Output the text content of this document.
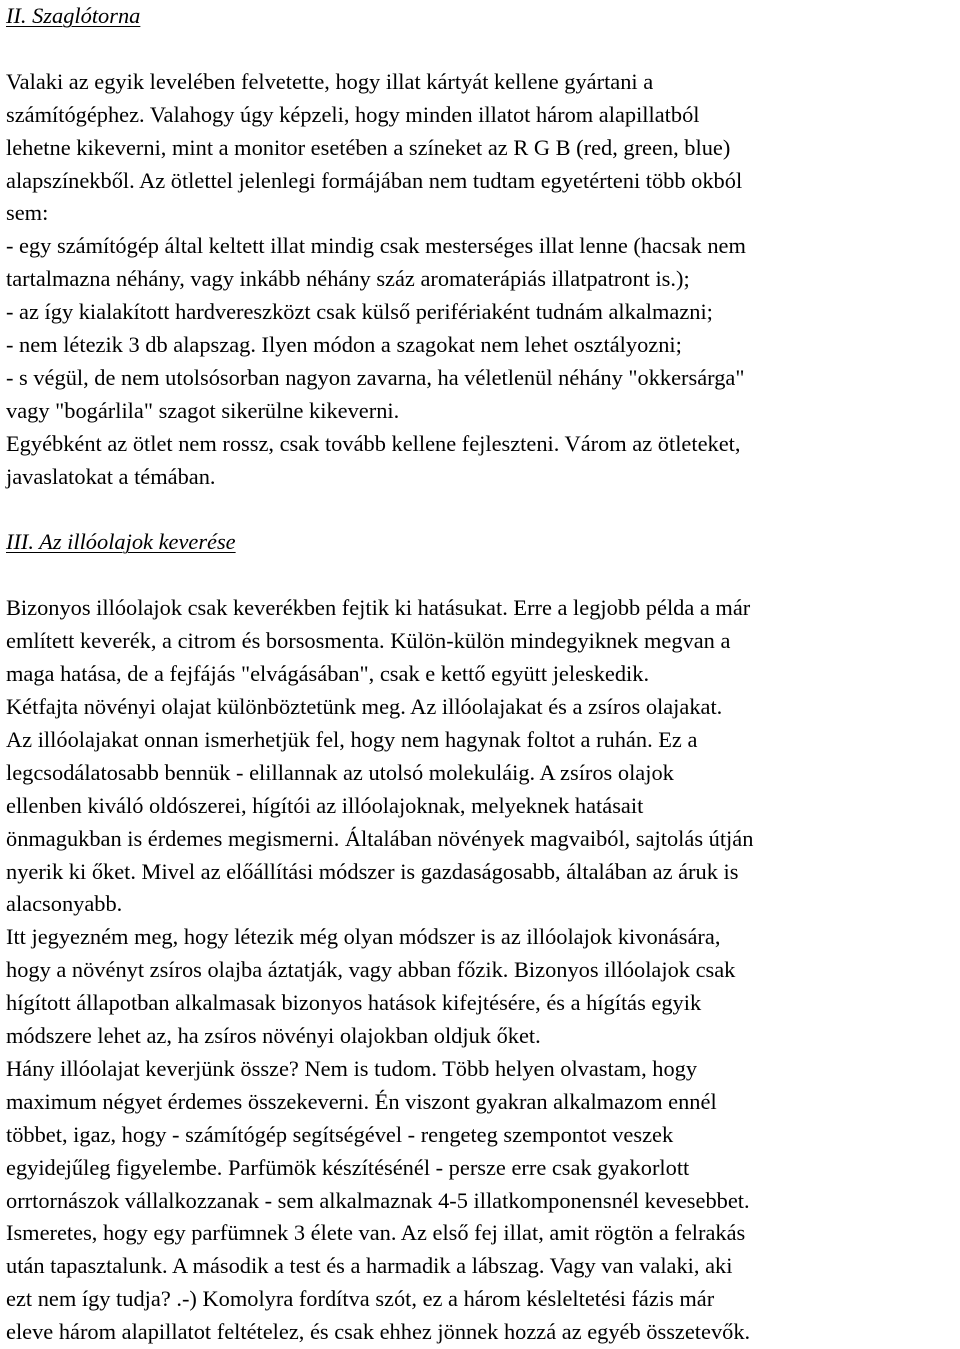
II. Szaglótorna
Valaki az egyik levelében felvetette, hogy illat kártyát kellene gyártani a
számítógéphez. Valahogy úgy képzeli, hogy minden illatot három alapillatból
lehetne kikeverni, mint a monitor esetében a színeket az R G B (red, green, blue)
alapszínekből. Az ötlettel jelenlegi formájában nem tudtam egyetérteni több okból
sem:
- egy számítógép által keltett illat mindig csak mesterséges illat lenne (hacsak nem
tartalmazna néhány, vagy inkább néhány száz aromaterápiás illatpatront is.);
- az így kialakított hardvereszközt csak külső perifériaként tudnám alkalmazni;
- nem létezik 3 db alapszag. Ilyen módon a szagokat nem lehet osztályozni;
- s végül, de nem utolsósorban nagyon zavarna, ha véletlenül néhány "okkersárga"
vagy "bogárlila" szagot sikerülne kikeverni.
Egyébként az ötlet nem rossz, csak tovább kellene fejleszteni. Várom az ötleteket,
javaslatokat a témában.
III. Az illóolajok keverése
Bizonyos illóolajok csak keverékben fejtik ki hatásukat. Erre a legjobb példa a már
említett keverék, a citrom és borsosmenta. Külön-külön mindegyiknek megvan a
maga hatása, de a fejfájás "elvágásában", csak e kettő együtt jeleskedik.
Kétfajta növényi olajat különböztetünk meg. Az illóolajakat és a zsíros olajakat.
Az illóolajakat onnan ismerhetjük fel, hogy nem hagynak foltot a ruhán. Ez a
legcsodálatosabb bennük - elillannak az utolsó molekuláig. A zsíros olajok
ellenben kiváló oldószerei, hígítói az illóolajoknak, melyeknek hatásait
önmagukban is érdemes megismerni. Általában növények magvaiból, sajtolás útján
nyerik ki őket. Mivel az előállítási módszer is gazdaságosabb, általában az áruk is
alacsonyabb.
Itt jegyezném meg, hogy létezik még olyan módszer is az illóolajok kivonására,
hogy a növényt zsíros olajba áztatják, vagy abban főzik. Bizonyos illóolajok csak
hígított állapotban alkalmasak bizonyos hatások kifejtésére, és a hígítás egyik
módszere lehet az, ha zsíros növényi olajokban oldjuk őket.
Hány illóolajat keverjünk össze? Nem is tudom. Több helyen olvastam, hogy
maximum négyet érdemes összekeverni. Én viszont gyakran alkalmazom ennél
többet, igaz, hogy - számítógép segítségével - rengeteg szempontot veszek
egyidejűleg figyelembe. Parfümök készítésénél - persze erre csak gyakorlott
orrtornászok vállalkozzanak - sem alkalmaznak 4-5 illatkomponensnél kevesebbet.
Ismeretes, hogy egy parfümnek 3 élete van. Az első fej illat, amit rögtön a felrakás
után tapasztalunk. A második a test és a harmadik a lábszag. Vagy van valaki, aki
ezt nem így tudja? .-) Komolyra fordítva szót, ez a három késleltetési fázis már
eleve három alapillatot feltételez, és csak ehhez jönnek hozzá az egyéb összetevők.
